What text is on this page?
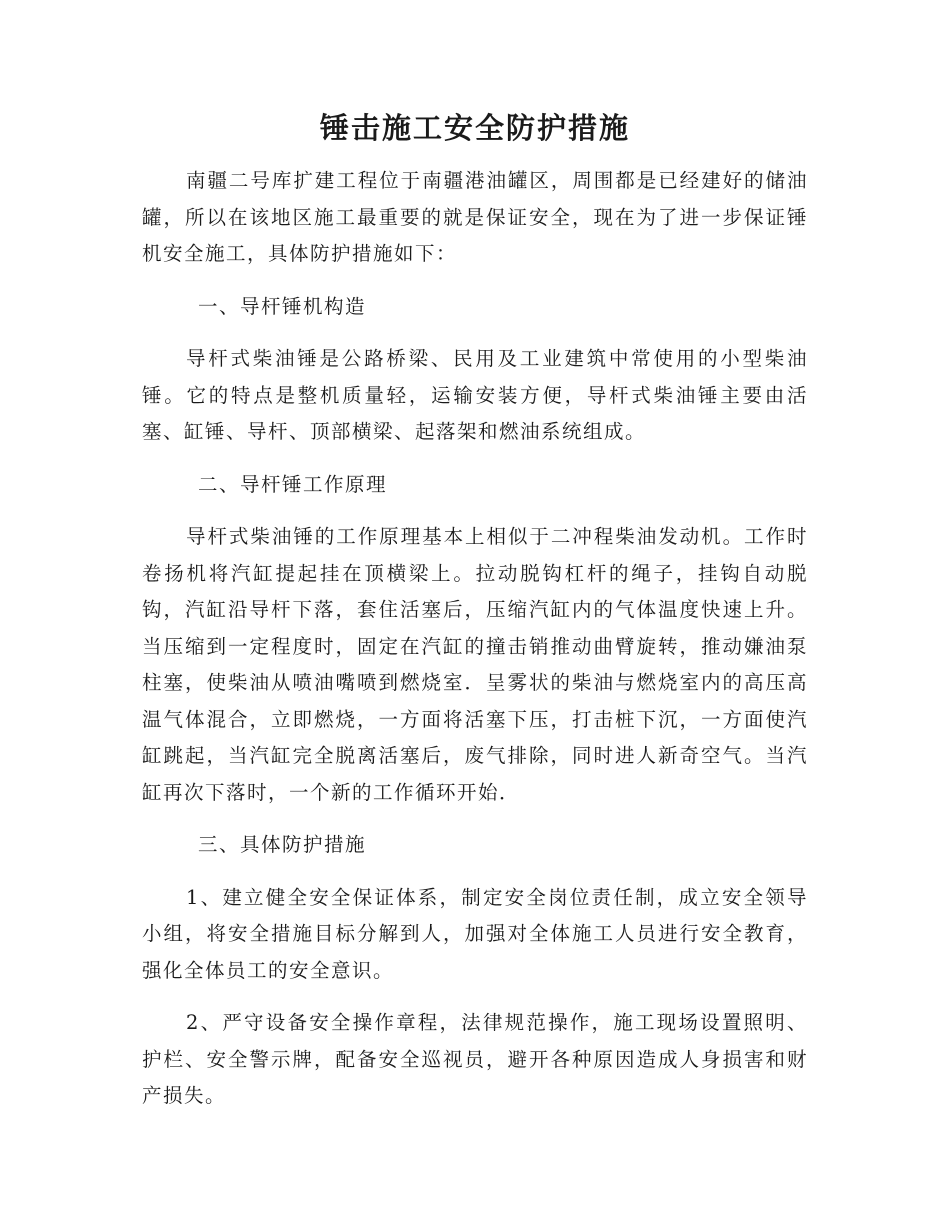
锤击施工安全防护措施

南疆二号库扩建工程位于南疆港油罐区，周围都是已经建好的储油罐，所以在该地区施工最重要的就是保证安全，现在为了进一步保证锤机安全施工，具体防护措施如下：

一、导杆锤机构造

导杆式柴油锤是公路桥梁、民用及工业建筑中常使用的小型柴油锤。它的特点是整机质量轻，运输安装方便，导杆式柴油锤主要由活塞、缸锤、导杆、顶部横梁、起落架和燃油系统组成。

二、导杆锤工作原理

导杆式柴油锤的工作原理基本上相似于二冲程柴油发动机。工作时卷扬机将汽缸提起挂在顶横梁上。拉动脱钩杠杆的绳子，挂钩自动脱钩，汽缸沿导杆下落，套住活塞后，压缩汽缸内的气体温度快速上升。当压缩到一定程度时，固定在汽缸的撞击销推动曲臂旋转，推动嫌油泵柱塞，使柴油从喷油嘴喷到燃烧室．呈雾状的柴油与燃烧室内的高压高温气体混合，立即燃烧，一方面将活塞下压，打击桩下沉，一方面使汽缸跳起，当汽缸完全脱离活塞后，废气排除，同时进人新奇空气。当汽缸再次下落时，一个新的工作循环开始．

三、具体防护措施

1、建立健全安全保证体系，制定安全岗位责任制，成立安全领导小组，将安全措施目标分解到人，加强对全体施工人员进行安全教育，强化全体员工的安全意识。

2、严守设备安全操作章程，法律规范操作，施工现场设置照明、护栏、安全警示牌，配备安全巡视员，避开各种原因造成人身损害和财产损失。
